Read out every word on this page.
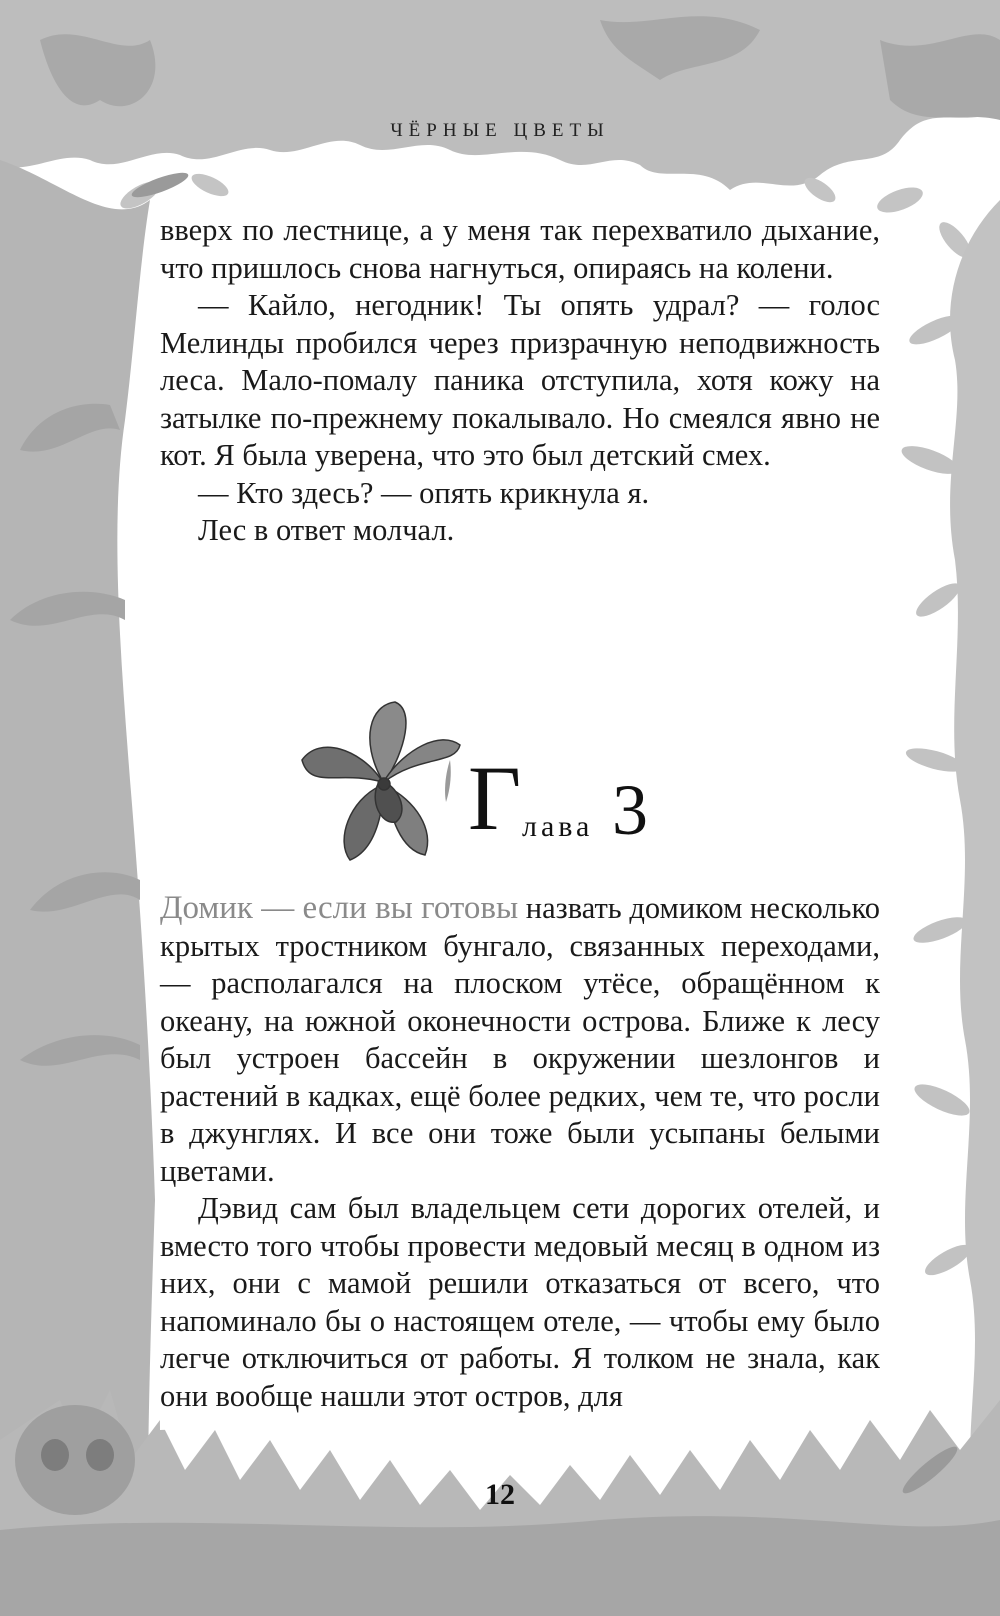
ЧЁРНЫЕ ЦВЕТЫ

вверх по лестнице, а у меня так перехватило дыхание, что пришлось снова нагнуться, опираясь на колени.

— Кайло, негодник! Ты опять удрал? — голос Мелинды пробился через призрачную неподвижность леса. Мало-помалу паника отступила, хотя кожу на затылке по-прежнему покалывало. Но смеялся явно не кот. Я была уверена, что это был детский смех.

— Кто здесь? — опять крикнула я.

Лес в ответ молчал.

Г лава 3

Домик — если вы готовы назвать домиком несколько крытых тростником бунгало, связанных переходами, — располагался на плоском утёсе, обращённом к океану, на южной оконечности острова. Ближе к лесу был устроен бассейн в окружении шезлонгов и растений в кадках, ещё более редких, чем те, что росли в джунглях. И все они тоже были усыпаны белыми цветами.

Дэвид сам был владельцем сети дорогих отелей, и вместо того чтобы провести медовый месяц в одном из них, они с мамой решили отказаться от всего, что напоминало бы о настоящем отеле, — чтобы ему было легче отключиться от работы. Я толком не знала, как они вообще нашли этот остров, для

12
